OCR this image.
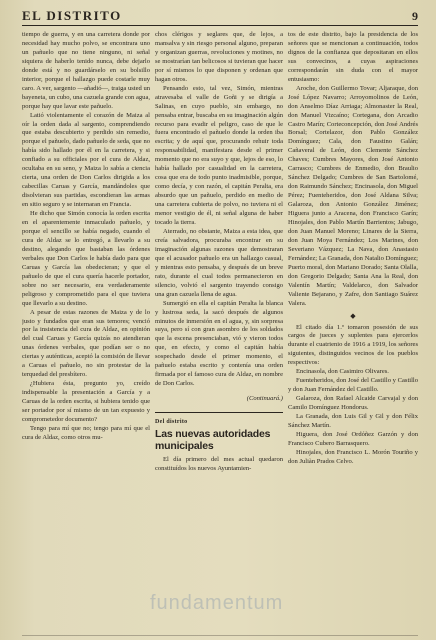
EL DISTRITO	9

tiempo de guerra, y en una carretera donde por necesidad hay mucho polvo, se encontrara uno un pañuelo que no tiene ninguno, ni señal siquiera de haberlo tenido nunca, debe dejarlo donde está y no guardárselo en su bolsillo interior, porque el hallazgo puede costarle muy caro. A ver, sargento —añadió—, traiga usted un bayeneta, un cubo, una cazuela grande con agua, porque hay que lavar este pañuelo.

Latió violentamente el corazón de Maiza al oír la orden dada al sargento, comprendiendo que estaba descubierto y perdido sin remedio, porque el pañuelo, dado pañuelo de seda, que no había sido hallado por él en la carretera, y si confiado a su officiales por el cura de Aldaz, ocultaba en su seno, y Maiza lo sabía a ciencia cierta, una orden de Don Carlos dirigida a los cabecillas Caruas y García, mandándoles que disolvieran sus partidas, escondieran las armas en sitio seguro y se internaran en Francia.

He dicho que Simón conocía la orden escrita en el aparentemente inmaculado pañuelo, y porque el sencillo se había negado, cuando el cura de Aldaz se lo entregó, a llevarlo a su destino, alegando que bastaban las órdenes verbales que Don Carlos le había dado para que Caruas y García las obedecieran; y que el pañuelo de que el cura quería hacerle portador, sobre no ser necesario, era verdaderamente peligroso y comprometido para el que tuviera que llevarlo a su destino.

A pesar de estas razones de Maiza y de lo justo y fundados que eran sus temores; venció por la insistencia del cura de Aldaz, en opinión del cual Caruas y García quizás no atendieran unas órdenes verbales, que podían ser o no ciertas y auténticas, aceptó la comisión de llevar a Caruas el pañuelo, no sin protestar de la terquedad del presbítero.

¿Hubiera ésta, pregunto yo, creído indispensable la presentación a García y a Caruas de la orden escrita, si hubiera tenido que ser portador por sí mismo de un tan expuesto y comprometedor documento?

Tengo para mí que no; tengo para mí que el cura de Aldaz, como otros mu-

chos clérigos y seglares que, de lejos, a mansalva y sin riesgo personal alguno, preparan y organizan guerras, revoluciones y motines, no se mostrarían tan belicosos si tuvieran que hacer por sí mismos lo que disponen y ordenan que hagan otros.

Pensando esto, tal vez, Simón, mientras atravesaba el valle de Goñi y se dirigía a Salinas, en cuyo pueblo, sin embargo, no pensaba entrar, buscaba en su imaginación algún recurso para evadir el peligro, caso de que le fuera encontrado el pañuelo donde la orden iba escrita; y de aquí que, procurando rehuir toda responsabilidad, manifestara desde el primer momento que no era suyo y que, lejos de eso, lo había hallado por casualidad en la carretera, cosa que era de todo punto inadmisible, porque, como decía, y con razón, el capitán Peralta, era absurdo que un pañuelo, perdido en medio de una carretera cubierta de polvo, no tuviera ni el menor vestigio de él, ni señal alguna de haber tocado la tierra.

Aterrado, no obstante, Maiza a esta idea, que creía salvadora, procuraba encontrar en su imaginación algunas razones que demostraran que el acusador pañuelo era un hallazgo casual, y mientras esto pensaba, y después de un breve rato, durante el cual todos permanecieron en silencio, volvió el sargento trayendo consigo una gran cazuela llena de agua.

Sumergió en ella el capitán Peralta la blanca y lustrosa seda, la sacó después de algunos minutos de inmersión en el agua, y, sin sorpresa suya, pero sí con gran asombro de los soldados que la escena presenciaban, vió y vieron todos que, en efecto, y como el capitán había sospechado desde el primer momento, el pañuelo estaba escrito y contenía una orden firmada por el famoso cura de Aldaz, en nombre de Don Carlos.

(Continuará.)
Del distrito
Las nuevas autoridades municipales

El día primero del mes actual quedaron constituídos los nuevos Ayuntamien-

tos de este distrito, bajo la presidencia de los señores que se mencionan a continuación, todos dignos de la confianza que depositaran en ellos sus convecinos, a cuyas aspiraciones correspondarán sin duda con el mayor entusiasmo:

Aroche, don Guillermo Tovar; Aljaraque, don José López Navarro; Arroyomolinos de León, don Anselmo Díaz Arriaga; Almonaster la Real, don Manuel Vizcaíno; Cortegana, don Arcadio Castro Marín; Corteconcepción, don José Andrés Borsal; Cortelazor, don Pablo González Domínguez; Cala, don Faustino Galán; Cañaveral de León, don Clemente Sánchez Chaves; Cumbres Mayores, don José Antonio Carrasco; Cumbres de Enmedio, don Braulio Sánchez Delgado; Cumbres de San Bartolomé, don Raimundo Sánchez; Encinasola, don Miguel Pérez; Fuenteheridos, don José Aldana Silva; Galaroza, don Antonio González Jiménez; Higuera junto a Aracena, don Francisco Garín; Hinojales, don Pablo Martín Barrientos; Jabugo, don Juan Manuel Moreno; Linares de la Sierra, don Juan Moya Fernández; Los Marines, don Severiano Vázquez; La Nava, don Anastasio Fernández; La Granada, don Natalio Domínguez; Puerto moral, don Mariano Dorado; Santa Olalla, don Gregorio Delgado; Santa Ana la Real, don Valentín Martín; Valdelarco, don Salvador Valiente Bejarano, y Zafre, don Santiago Suárez Valera.

◆

El citado día 1.º tomaron posesión de sus cargos de jueces y suplentes para ejercerlos durante el cuatrienio de 1916 a 1919, los señores siguientes, distinguidos vecinos de los pueblos respectivos:

Encinasola, don Casimiro Olivares.

Fuenteheridos, don José del Castillo y Castillo y don Juan Fernández del Castillo.

Galaroza, don Rafael Alcaide Carvajal y don Camilo Domínguez Hondorus.

La Granada, don Luis Gil y Gil y don Félix Sánchez Martín.

Higuera, don José Ordóñez Garzón y don Francisco Cubero Barrasquero.

Hinojales, don Francisco L. Morón Touriño y don Juliàn Prados Celvo.

fundamentum
